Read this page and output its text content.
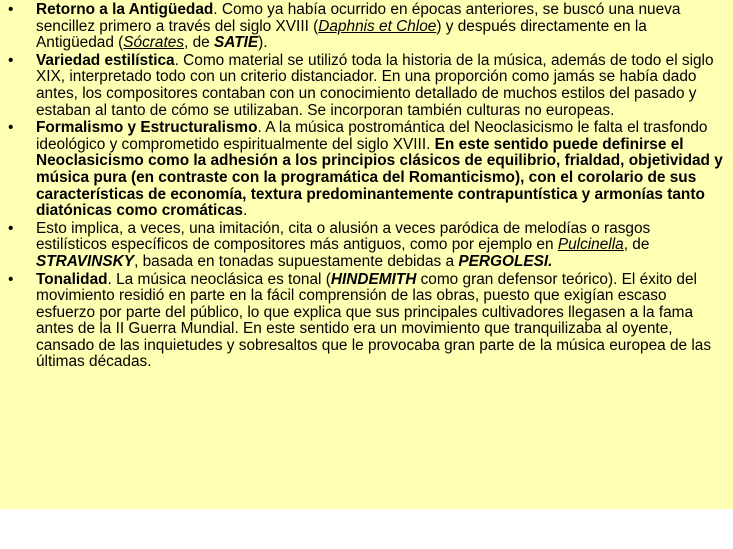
• Retorno a la Antigüedad. Como ya había ocurrido en épocas anteriores, se buscó una nueva sencillez primero a través del siglo XVIII (Daphnis et Chloe) y después directamente en la Antigüedad (Sócrates, de SATIE).
• Variedad estilística. Como material se utilizó toda la historia de la música, además de todo el siglo XIX, interpretado todo con un criterio distanciador. En una proporción como jamás se había dado antes, los compositores contaban con un conocimiento detallado de muchos estilos del pasado y estaban al tanto de cómo se utilizaban. Se incorporan también culturas no europeas.
• Formalismo y Estructuralismo. A la música postromántica del Neoclasicismo le falta el trasfondo ideológico y comprometido espiritualmente del siglo XVIII. En este sentido puede definirse el Neoclasicismo como la adhesión a los principios clásicos de equilibrio, frialdad, objetividad y música pura (en contraste con la programática del Romanticismo), con el corolario de sus características de economía, textura predominantemente contrapuntística y armonías tanto diatónicas como cromáticas.
• Esto implica, a veces, una imitación, cita o alusión a veces paródica de melodías o rasgos estilísticos específicos de compositores más antiguos, como por ejemplo en Pulcinella, de STRAVINSKY, basada en tonadas supuestamente debidas a PERGOLESI.
• Tonalidad. La música neoclásica es tonal (HINDEMITH como gran defensor teórico). El éxito del movimiento residió en parte en la fácil comprensión de las obras, puesto que exigían escaso esfuerzo por parte del público, lo que explica que sus principales cultivadores llegasen a la fama antes de la II Guerra Mundial. En este sentido era un movimiento que tranquilizaba al oyente, cansado de las inquietudes y sobresaltos que le provocaba gran parte de la música europea de las últimas décadas.
